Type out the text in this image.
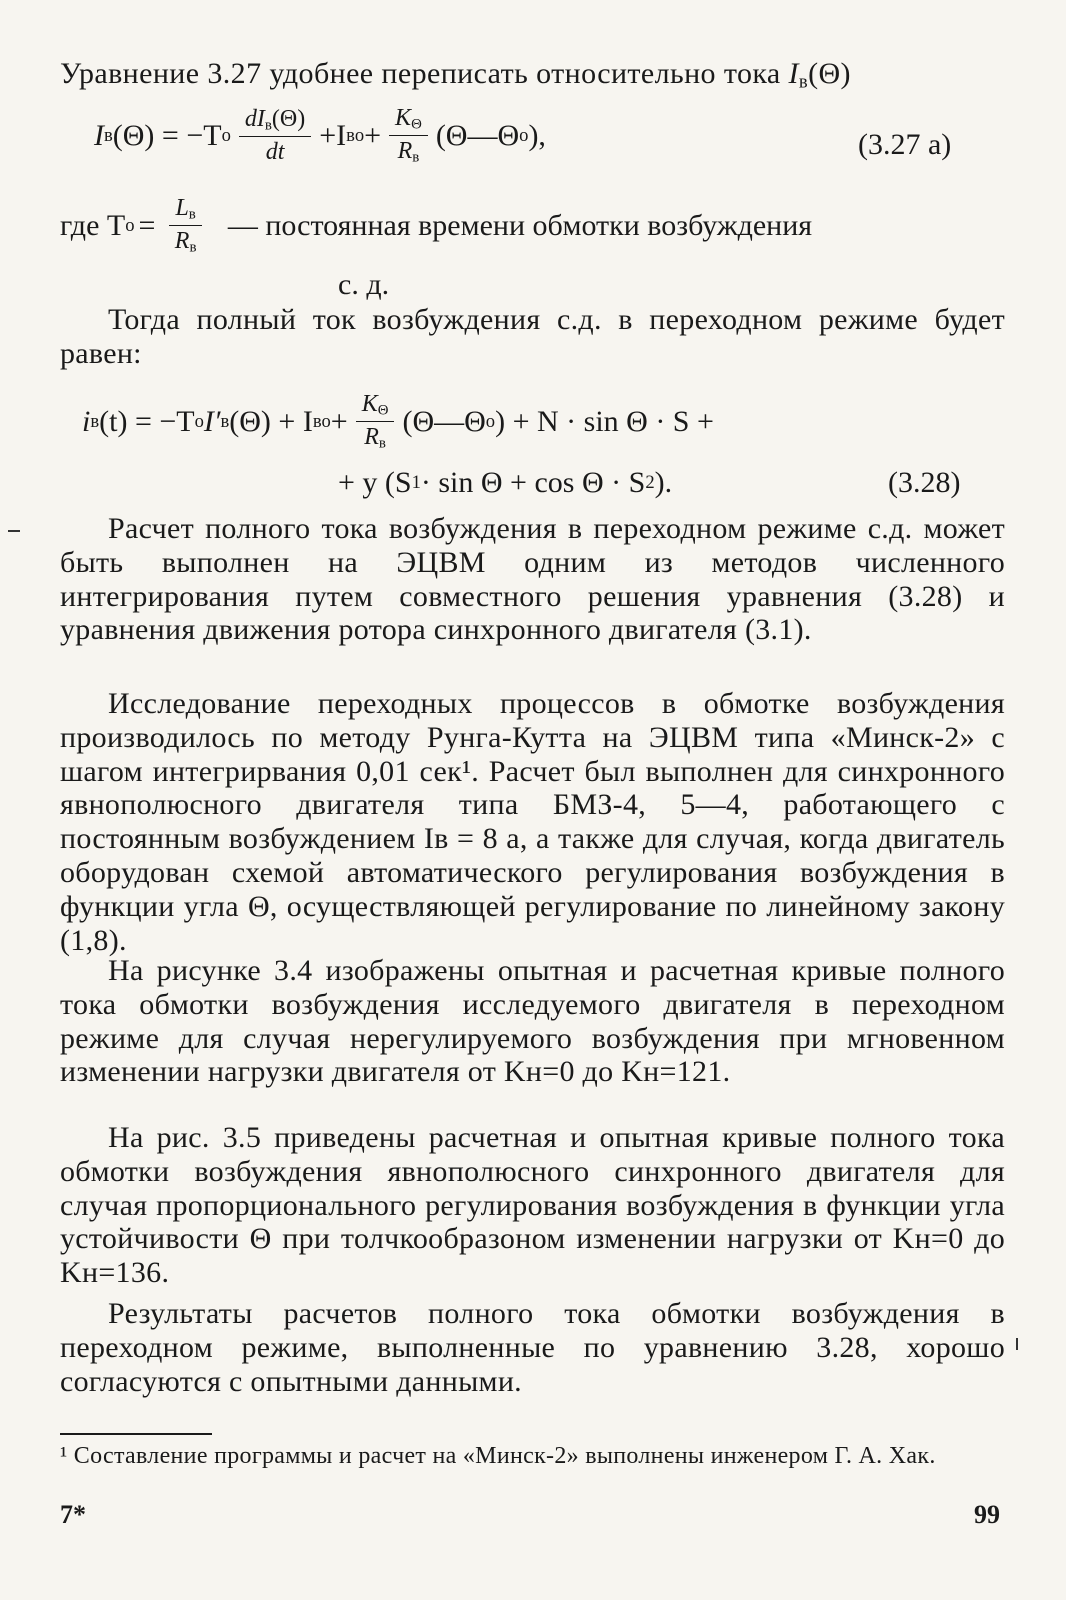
Уравнение 3.27 удобнее переписать относительно тока $I_в(\Theta)$
I в (Θ) = −T o $\frac{dI_в(\Theta)}{dt} +I$ во + $\frac{K_\Theta}{R_в}$ (Θ—Θ o ),	(3.27 a)
где T $o = \frac{L_в}{R_в}$ — постоянная времени обмотки возбуждения
с. д.
Тогда полный ток возбуждения с.д. в переходном режиме будет равен:
i в (t) = −T o I′ в (Θ) + I во + $\frac{K_\Theta}{R_в}$ (Θ—Θ o ) + N · sin Θ · S +
+ y (S 1 · sin Θ + cos Θ · S 2 ).	(3.28)
Расчет полного тока возбуждения в переходном режиме с.д. может быть выполнен на ЭЦВМ одним из методов численного интегрирования путем совместного решения уравнения (3.28) и уравнения движения ротора синхронного двигателя (3.1).
Исследование переходных процессов в обмотке возбуждения производилось по методу Рунга-Кутта на ЭЦВМ типа «Минск-2» с шагом интегрирвания 0,01 сек¹. Расчет был выполнен для синхронного явнополюсного двигателя типа БМЗ-4, 5—4, работающего с постоянным возбуждением Iв = 8 а, а также для случая, когда двигатель оборудован схемой автоматического регулирования возбуждения в функции угла Θ, осуществляющей регулирование по линейному закону (1,8).
На рисунке 3.4 изображены опытная и расчетная кривые полного тока обмотки возбуждения исследуемого двигателя в переходном режиме для случая нерегулируемого возбуждения при мгновенном изменении нагрузки двигателя от Kн=0 до Kн=121.
На рис. 3.5 приведены расчетная и опытная кривые полного тока обмотки возбуждения явнополюсного синхронного двигателя для случая пропорционального регулирования возбуждения в функции угла устойчивости Θ при толчкообразоном изменении нагрузки от Kн=0 до Kн=136.
Результаты расчетов полного тока обмотки возбуждения в переходном режиме, выполненные по уравнению 3.28, хорошо согласуются с опытными данными.
¹ Составление программы и расчет на «Минск-2» выполнены инженером Г. А. Хак.
7*	99
